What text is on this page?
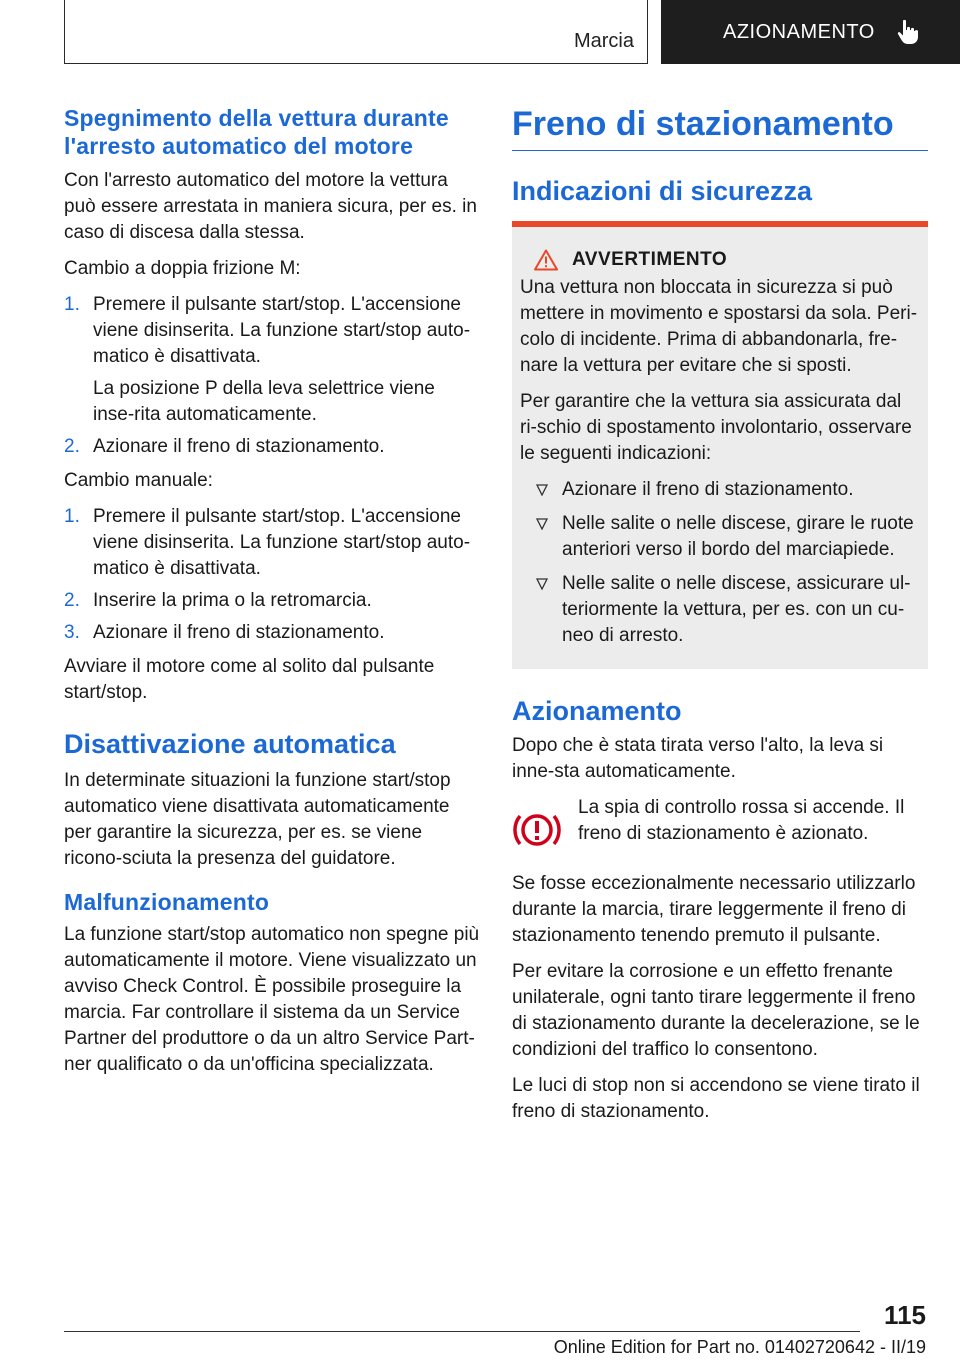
Marcia	AZIONAMENTO
Spegnimento della vettura durante l'arresto automatico del motore

Con l'arresto automatico del motore la vettura può essere arrestata in maniera sicura, per es. in caso di discesa dalla stessa.

Cambio a doppia frizione M:

1. Premere il pulsante start/stop. L'accensione viene disinserita. La funzione start/stop auto-matico è disattivata.
La posizione P della leva selettrice viene inse-rita automaticamente.
2. Azionare il freno di stazionamento.

Cambio manuale:

1. Premere il pulsante start/stop. L'accensione viene disinserita. La funzione start/stop auto-matico è disattivata.
2. Inserire la prima o la retromarcia.
3. Azionare il freno di stazionamento.

Avviare il motore come al solito dal pulsante start/stop.

Disattivazione automatica

In determinate situazioni la funzione start/stop automatico viene disattivata automaticamente per garantire la sicurezza, per es. se viene ricono-sciuta la presenza del guidatore.

Malfunzionamento

La funzione start/stop automatico non spegne più automaticamente il motore. Viene visualizzato un avviso Check Control. È possibile proseguire la marcia. Far controllare il sistema da un Service Partner del produttore o da un altro Service Part-ner qualificato o da un'officina specializzata.

Freno di stazionamento
Indicazioni di sicurezza
AVVERTIMENTO

Una vettura non bloccata in sicurezza si può mettere in movimento e spostarsi da sola. Peri-colo di incidente. Prima di abbandonarla, fre-nare la vettura per evitare che si sposti.

Per garantire che la vettura sia assicurata dal ri-schio di spostamento involontario, osservare le seguenti indicazioni:

Azionare il freno di stazionamento.
Nelle salite o nelle discese, girare le ruote anteriori verso il bordo del marciapiede.
Nelle salite o nelle discese, assicurare ul-teriormente la vettura, per es. con un cu-neo di arresto.
Azionamento

Dopo che è stata tirata verso l'alto, la leva si inne-sta automaticamente.

La spia di controllo rossa si accende. Il freno di stazionamento è azionato.

Se fosse eccezionalmente necessario utilizzarlo durante la marcia, tirare leggermente il freno di stazionamento tenendo premuto il pulsante.

Per evitare la corrosione e un effetto frenante unilaterale, ogni tanto tirare leggermente il freno di stazionamento durante la decelerazione, se le condizioni del traffico lo consentono.

Le luci di stop non si accendono se viene tirato il freno di stazionamento.

115
Online Edition for Part no. 01402720642 - II/19
